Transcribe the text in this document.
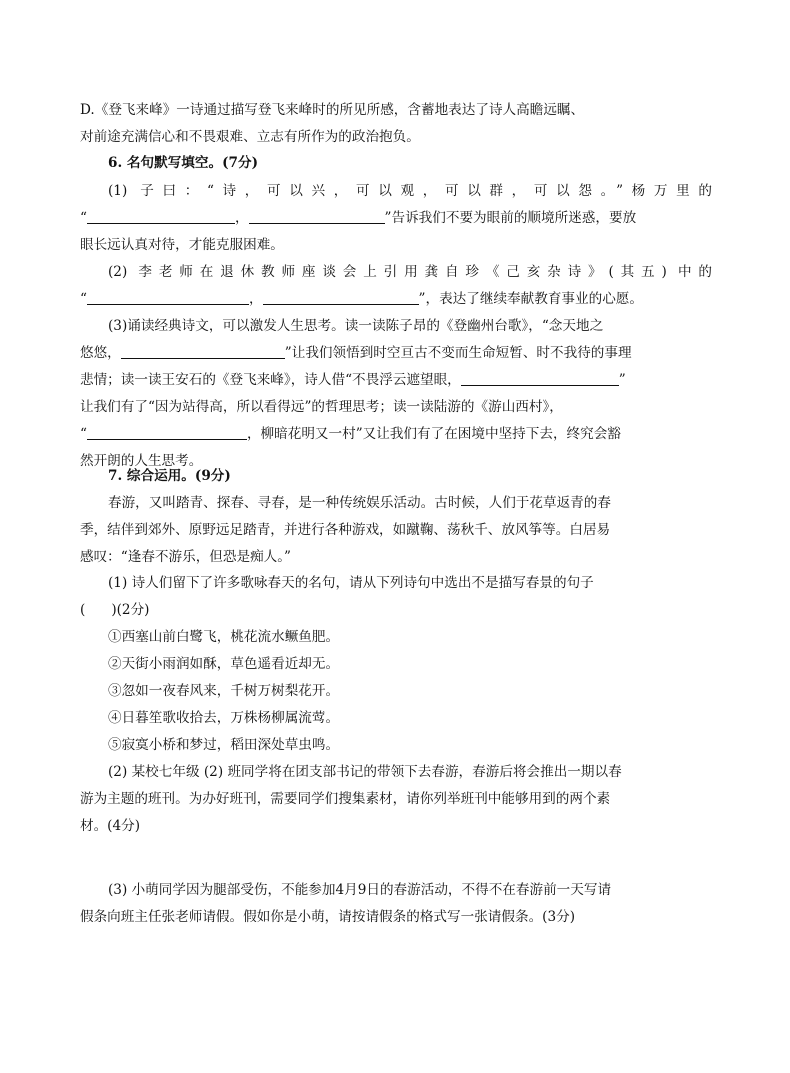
D.《登飞来峰》一诗通过描写登飞来峰时的所见所感，含蓄地表达了诗人高瞻远瞩、
对前途充满信心和不畏艰难、立志有所作为的政治抱负。
6. 名句默写填空。(7分)
(1) 子曰：“诗，可以兴，可以观，可以群，可以怨。”杨万里的
“	，	”告诉我们不要为眼前的顺境所迷惑，要放
眼长远认真对待，才能克服困难。
(2) 李老师在退休教师座谈会上引用龚自珍《己亥杂诗》(其五) 中的
“	，	”，表达了继续奉献教育事业的心愿。
(3)诵读经典诗文，可以激发人生思考。读一读陈子昂的《登幽州台歌》，“念天地之
悠悠，	”让我们领悟到时空亘古不变而生命短暂、时不我待的事理
悲情；读一读王安石的《登飞来峰》，诗人借“不畏浮云遮望眼，	”
让我们有了“因为站得高，所以看得远”的哲理思考；读一读陆游的《游山西村》，
“	，柳暗花明又一村”又让我们有了在困境中坚持下去，终究会豁
然开朗的人生思考。
7. 综合运用。(9分)
春游，又叫踏青、探春、寻春，是一种传统娱乐活动。古时候，人们于花草返青的春
季，结伴到郊外、原野远足踏青，并进行各种游戏，如蹴鞠、荡秋千、放风筝等。白居易
感叹：“逢春不游乐，但恐是痴人。”
(1) 诗人们留下了许多歌咏春天的名句，请从下列诗句中选出不是描写春景的句子
( )(2分)
①西塞山前白鹭飞，桃花流水鳜鱼肥。
②天街小雨润如酥，草色遥看近却无。
③忽如一夜春风来，千树万树梨花开。
④日暮笙歌收拾去，万株杨柳属流莺。
⑤寂寞小桥和梦过，稻田深处草虫鸣。
(2) 某校七年级 (2) 班同学将在团支部书记的带领下去春游，春游后将会推出一期以春
游为主题的班刊。为办好班刊，需要同学们搜集素材，请你列举班刊中能够用到的两个素
材。(4分)
(3) 小萌同学因为腿部受伤，不能参加4月9日的春游活动，不得不在春游前一天写请
假条向班主任张老师请假。假如你是小萌，请按请假条的格式写一张请假条。(3分)
